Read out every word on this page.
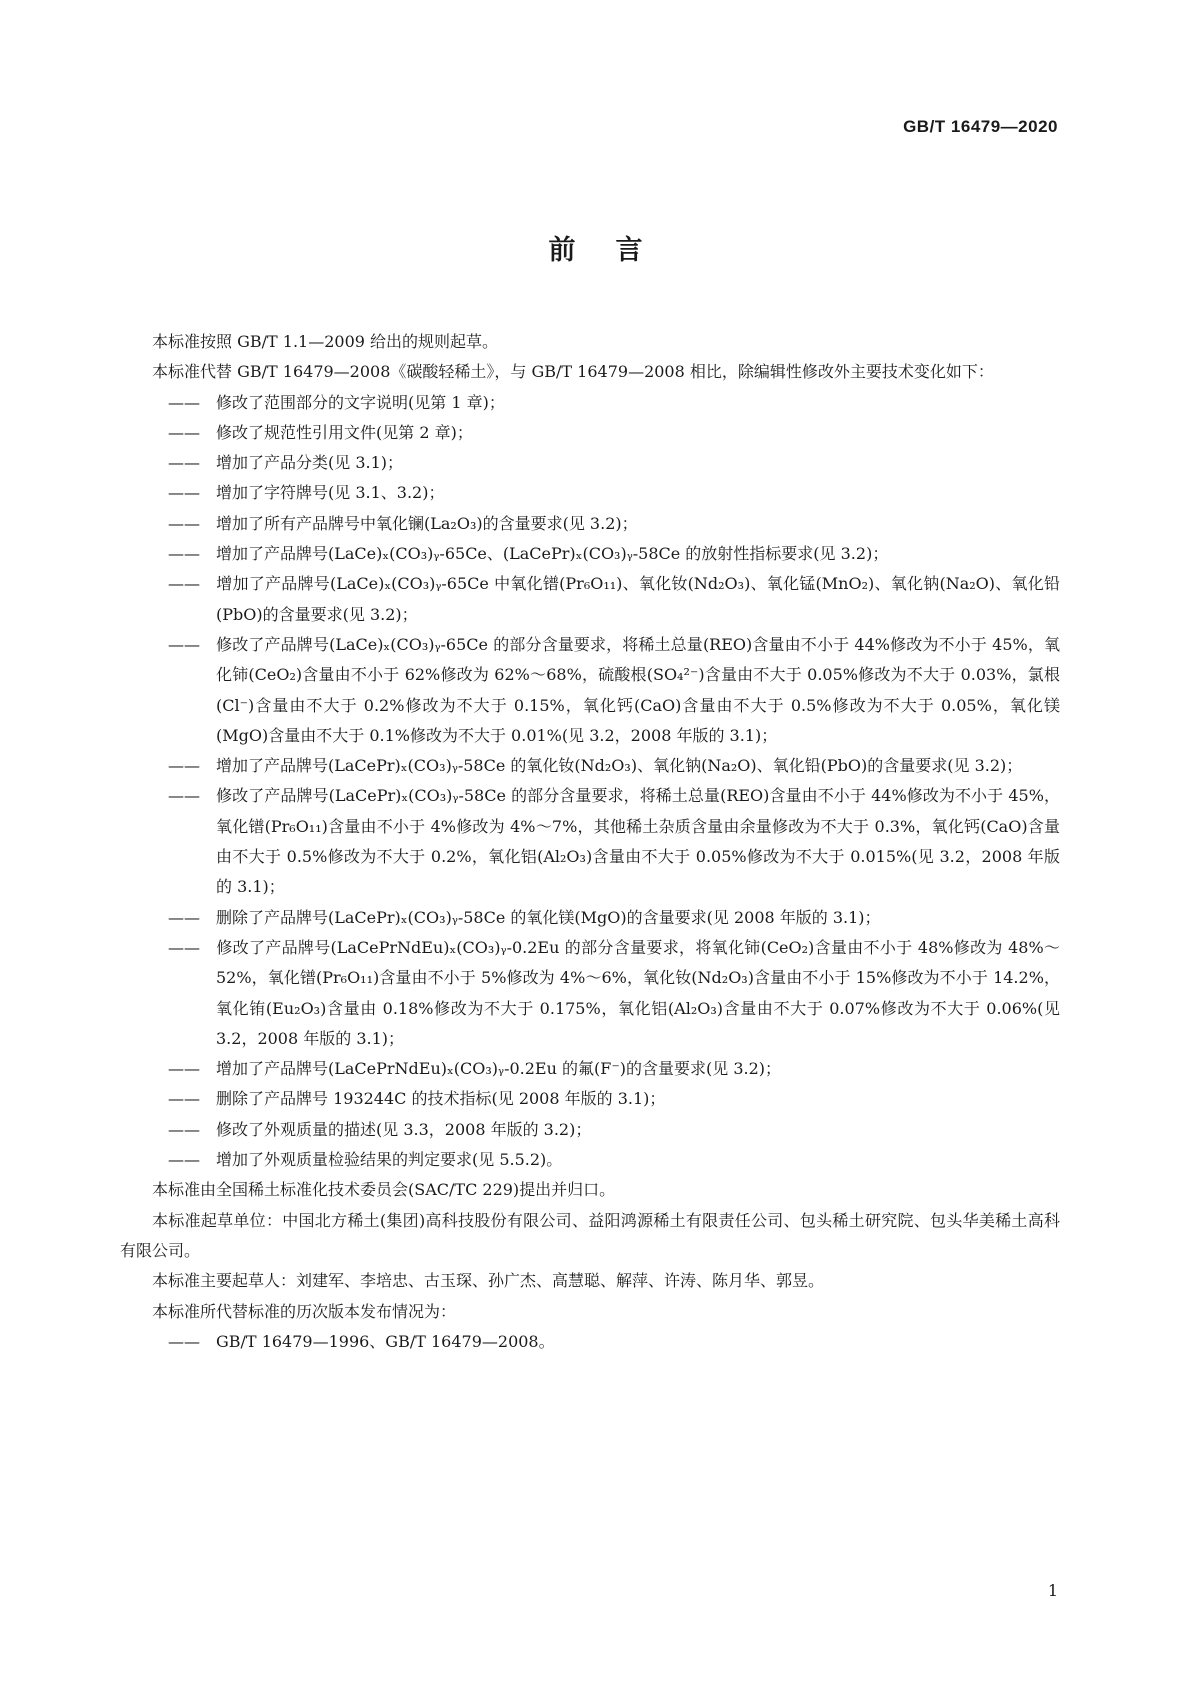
GB/T 16479—2020
前言

本标准按照 GB/T 1.1—2009 给出的规则起草。

本标准代替 GB/T 16479—2008《碳酸轻稀土》，与 GB/T 16479—2008 相比，除编辑性修改外主要技术变化如下：

—— 修改了范围部分的文字说明(见第 1 章)；

—— 修改了规范性引用文件(见第 2 章)；

—— 增加了产品分类(见 3.1)；

—— 增加了字符牌号(见 3.1、3.2)；

—— 增加了所有产品牌号中氧化镧(La₂O₃)的含量要求(见 3.2)；

—— 增加了产品牌号(LaCe)ₓ(CO₃)ᵧ-65Ce、(LaCePr)ₓ(CO₃)ᵧ-58Ce 的放射性指标要求(见 3.2)；

—— 增加了产品牌号(LaCe)ₓ(CO₃)ᵧ-65Ce 中氧化镨(Pr₆O₁₁)、氧化钕(Nd₂O₃)、氧化锰(MnO₂)、氧化钠(Na₂O)、氧化铅(PbO)的含量要求(见 3.2)；

—— 修改了产品牌号(LaCe)ₓ(CO₃)ᵧ-65Ce 的部分含量要求，将稀土总量(REO)含量由不小于 44%修改为不小于 45%，氧化铈(CeO₂)含量由不小于 62%修改为 62%～68%，硫酸根(SO₄²⁻)含量由不大于 0.05%修改为不大于 0.03%，氯根(Cl⁻)含量由不大于 0.2%修改为不大于 0.15%，氧化钙(CaO)含量由不大于 0.5%修改为不大于 0.05%，氧化镁(MgO)含量由不大于 0.1%修改为不大于 0.01%(见 3.2，2008 年版的 3.1)；

—— 增加了产品牌号(LaCePr)ₓ(CO₃)ᵧ-58Ce 的氧化钕(Nd₂O₃)、氧化钠(Na₂O)、氧化铅(PbO)的含量要求(见 3.2)；

—— 修改了产品牌号(LaCePr)ₓ(CO₃)ᵧ-58Ce 的部分含量要求，将稀土总量(REO)含量由不小于 44%修改为不小于 45%，氧化镨(Pr₆O₁₁)含量由不小于 4%修改为 4%～7%，其他稀土杂质含量由余量修改为不大于 0.3%，氧化钙(CaO)含量由不大于 0.5%修改为不大于 0.2%，氧化铝(Al₂O₃)含量由不大于 0.05%修改为不大于 0.015%(见 3.2，2008 年版的 3.1)；

—— 删除了产品牌号(LaCePr)ₓ(CO₃)ᵧ-58Ce 的氧化镁(MgO)的含量要求(见 2008 年版的 3.1)；

—— 修改了产品牌号(LaCePrNdEu)ₓ(CO₃)ᵧ-0.2Eu 的部分含量要求，将氧化铈(CeO₂)含量由不小于 48%修改为 48%～52%，氧化镨(Pr₆O₁₁)含量由不小于 5%修改为 4%～6%，氧化钕(Nd₂O₃)含量由不小于 15%修改为不小于 14.2%，氧化铕(Eu₂O₃)含量由 0.18%修改为不大于 0.175%，氧化铝(Al₂O₃)含量由不大于 0.07%修改为不大于 0.06%(见 3.2，2008 年版的 3.1)；

—— 增加了产品牌号(LaCePrNdEu)ₓ(CO₃)ᵧ-0.2Eu 的氟(F⁻)的含量要求(见 3.2)；

—— 删除了产品牌号 193244C 的技术指标(见 2008 年版的 3.1)；

—— 修改了外观质量的描述(见 3.3，2008 年版的 3.2)；

—— 增加了外观质量检验结果的判定要求(见 5.5.2)。

本标准由全国稀土标准化技术委员会(SAC/TC 229)提出并归口。

本标准起草单位：中国北方稀土(集团)高科技股份有限公司、益阳鸿源稀土有限责任公司、包头稀土研究院、包头华美稀土高科有限公司。

本标准主要起草人：刘建军、李培忠、古玉琛、孙广杰、高慧聪、解萍、许涛、陈月华、郭昱。

本标准所代替标准的历次版本发布情况为：

—— GB/T 16479—1996、GB/T 16479—2008。

1
